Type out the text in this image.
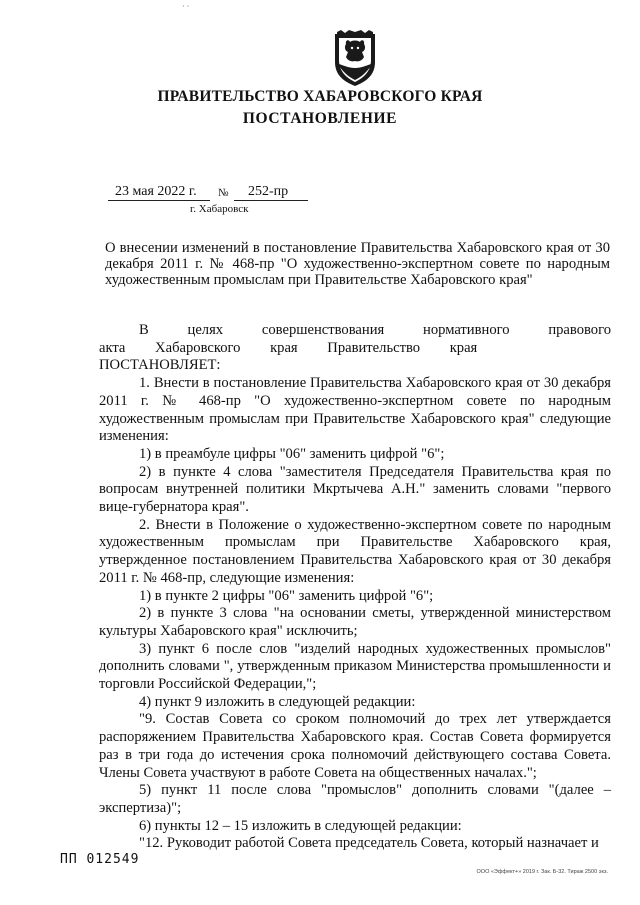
· ·
ПРАВИТЕЛЬСТВО ХАБАРОВСКОГО КРАЯ
ПОСТАНОВЛЕНИЕ
23 мая 2022 г. № 252-пр
г. Хабаровск
О внесении изменений в постановление Правительства Хабаровского края от 30 декабря 2011 г. № 468-пр "О художественно-экспертном совете по народным художественным промыслам при Правительстве Хабаровского края"

В целях совершенствования нормативного правового акта Хабаровского края Правительство края

ПОСТАНОВЛЯЕТ:

1. Внести в постановление Правительства Хабаровского края от 30 декабря 2011 г. № 468-пр "О художественно-экспертном совете по народным художественным промыслам при Правительстве Хабаровского края" следующие изменения:

1) в преамбуле цифры "06" заменить цифрой "6";

2) в пункте 4 слова "заместителя Председателя Правительства края по вопросам внутренней политики Мкртычева А.Н." заменить словами "первого вице-губернатора края".

2. Внести в Положение о художественно-экспертном совете по народным художественным промыслам при Правительстве Хабаровского края, утвержденное постановлением Правительства Хабаровского края от 30 декабря 2011 г. № 468-пр, следующие изменения:

1) в пункте 2 цифры "06" заменить цифрой "6";

2) в пункте 3 слова "на основании сметы, утвержденной министерством культуры Хабаровского края" исключить;

3) пункт 6 после слов "изделий народных художественных промыслов" дополнить словами ", утвержденным приказом Министерства промышленности и торговли Российской Федерации,";

4) пункт 9 изложить в следующей редакции:

"9. Состав Совета со сроком полномочий до трех лет утверждается распоряжением Правительства Хабаровского края. Состав Совета формируется раз в три года до истечения срока полномочий действующего состава Совета. Члены Совета участвуют в работе Совета на общественных началах.";

5) пункт 11 после слова "промыслов" дополнить словами "(далее – экспертиза)";

6) пункты 12 – 15 изложить в следующей редакции:

"12. Руководит работой Совета председатель Совета, который назначает и

ПП 012549
ООО «Эффект+» 2019 г. Зак. Б-32. Тираж 2500 экз.
